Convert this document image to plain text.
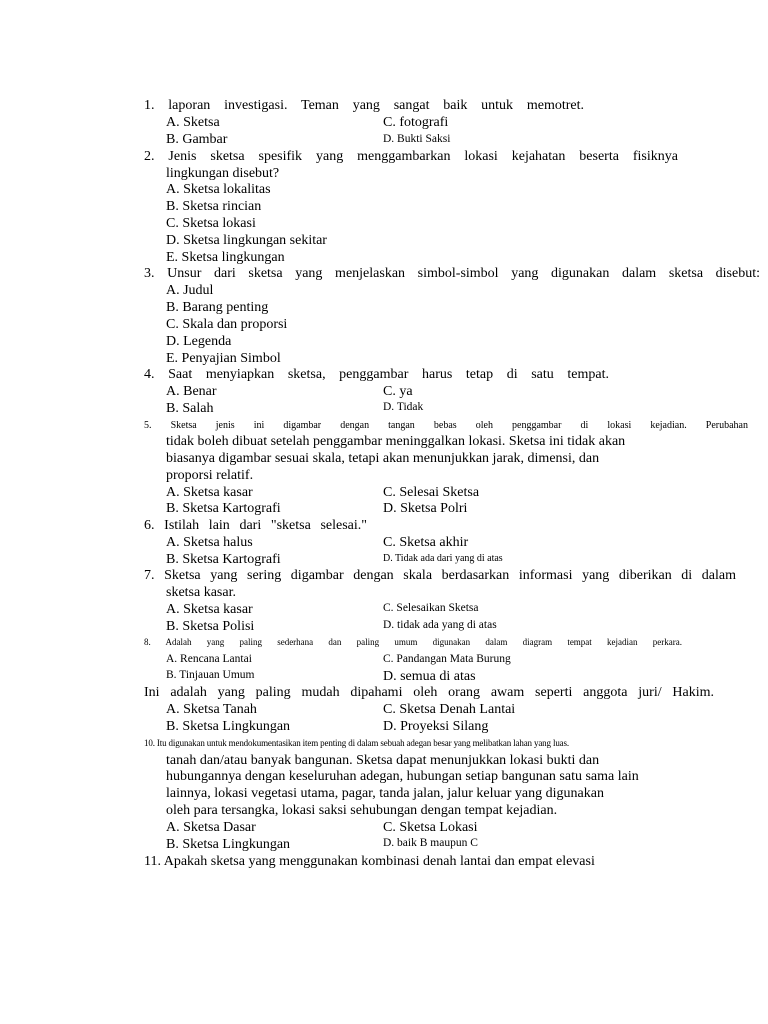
1. laporan investigasi. Teman yang sangat baik untuk memotret.
A. Sketsa	C. fotografi
B. Gambar	D. Bukti Saksi
2. Jenis sketsa spesifik yang menggambarkan lokasi kejahatan beserta fisiknya
lingkungan disebut?
A. Sketsa lokalitas
B. Sketsa rincian
C. Sketsa lokasi
D. Sketsa lingkungan sekitar
E. Sketsa lingkungan
3. Unsur dari sketsa yang menjelaskan simbol-simbol yang digunakan dalam sketsa disebut:
A. Judul
B. Barang penting
C. Skala dan proporsi
D. Legenda
E. Penyajian Simbol
4. Saat menyiapkan sketsa, penggambar harus tetap di satu tempat.
A. Benar	C. ya
B. Salah	D. Tidak
5. Sketsa jenis ini digambar dengan tangan bebas oleh penggambar di lokasi kejadian. Perubahan
tidak boleh dibuat setelah penggambar meninggalkan lokasi. Sketsa ini tidak akan
biasanya digambar sesuai skala, tetapi akan menunjukkan jarak, dimensi, dan
proporsi relatif.
A. Sketsa kasar	C. Selesai Sketsa
B. Sketsa Kartografi	D. Sketsa Polri
6. Istilah lain dari "sketsa selesai."
A. Sketsa halus	C. Sketsa akhir
B. Sketsa Kartografi	D. Tidak ada dari yang di atas
7. Sketsa yang sering digambar dengan skala berdasarkan informasi yang diberikan di dalam
sketsa kasar.
A. Sketsa kasar	C. Selesaikan Sketsa
B. Sketsa Polisi	D. tidak ada yang di atas
8. Adalah yang paling sederhana dan paling umum digunakan dalam diagram tempat kejadian perkara.
A. Rencana Lantai	C. Pandangan Mata Burung
B. Tinjauan Umum	D. semua di atas
Ini adalah yang paling mudah dipahami oleh orang awam seperti anggota juri/ Hakim.
A. Sketsa Tanah	C. Sketsa Denah Lantai
B. Sketsa Lingkungan	D. Proyeksi Silang
10. Itu digunakan untuk mendokumentasikan item penting di dalam sebuah adegan besar yang melibatkan lahan yang luas.
tanah dan/atau banyak bangunan. Sketsa dapat menunjukkan lokasi bukti dan
hubungannya dengan keseluruhan adegan, hubungan setiap bangunan satu sama lain
lainnya, lokasi vegetasi utama, pagar, tanda jalan, jalur keluar yang digunakan
oleh para tersangka, lokasi saksi sehubungan dengan tempat kejadian.
A. Sketsa Dasar	C. Sketsa Lokasi
B. Sketsa Lingkungan	D. baik B maupun C
11. Apakah sketsa yang menggunakan kombinasi denah lantai dan empat elevasi
